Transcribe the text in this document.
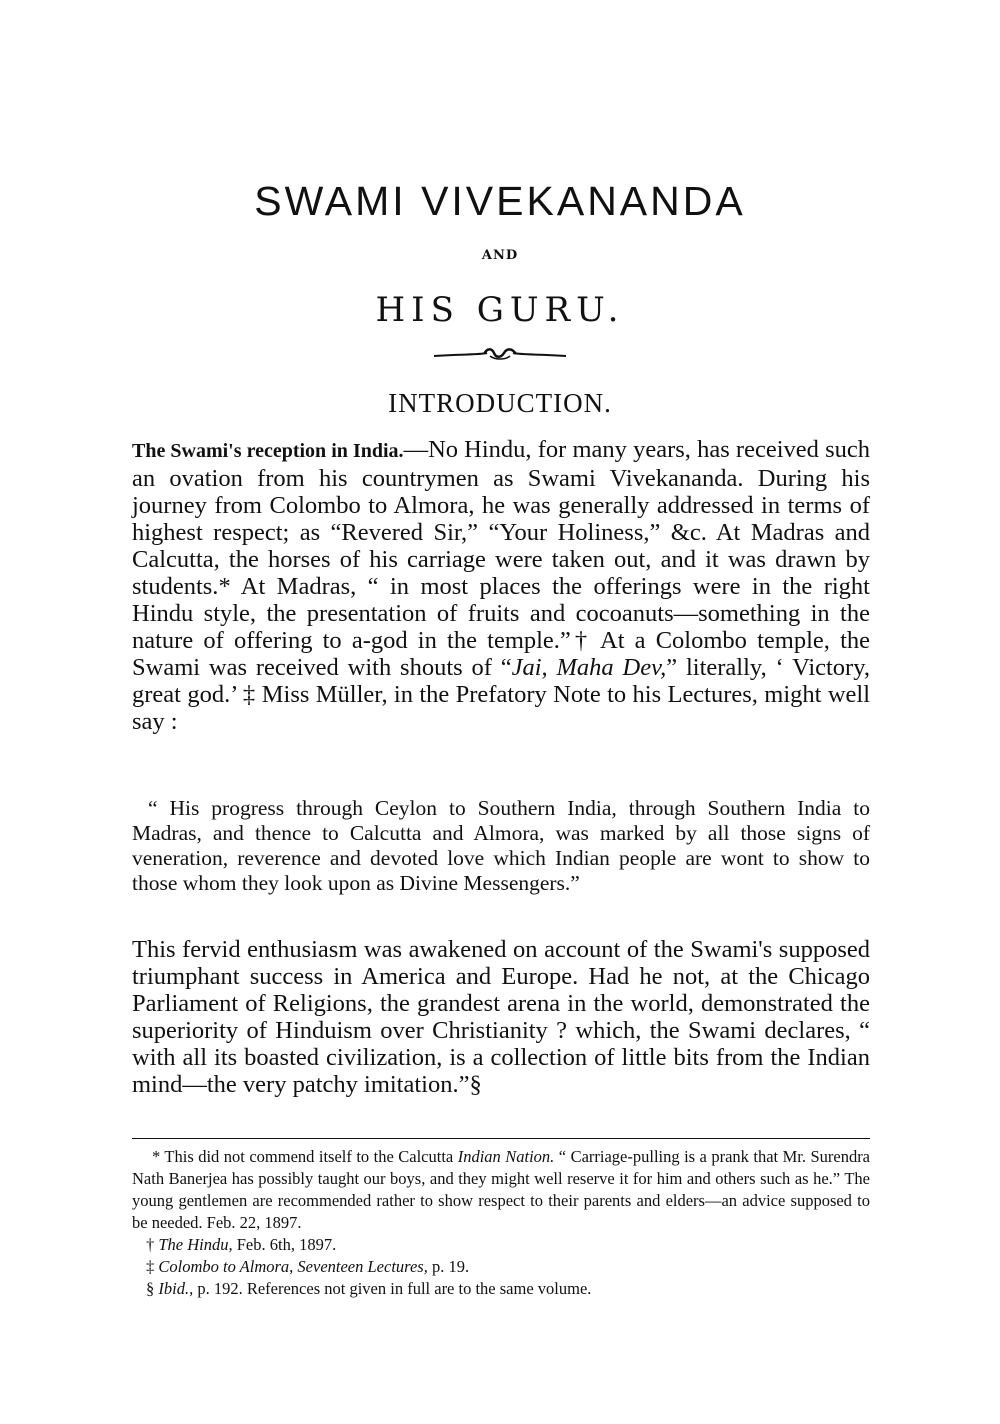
SWAMI VIVEKANANDA
AND
HIS GURU.
INTRODUCTION.

The Swami's reception in India.—No Hindu, for many years, has received such an ovation from his countrymen as Swami Vivekananda. During his journey from Colombo to Almora, he was generally addressed in terms of highest respect; as “Revered Sir,” “Your Holiness,” &c. At Madras and Calcutta, the horses of his carriage were taken out, and it was drawn by students.* At Madras, “ in most places the offerings were in the right Hindu style, the presentation of fruits and cocoanuts—something in the nature of offering to a-god in the temple.”† At a Colombo temple, the Swami was received with shouts of “Jai, Maha Dev,” literally, ‘ Victory, great god.’ ‡ Miss Müller, in the Prefatory Note to his Lectures, might well say :

“ His progress through Ceylon to Southern India, through Southern India to Madras, and thence to Calcutta and Almora, was marked by all those signs of veneration, reverence and devoted love which Indian people are wont to show to those whom they look upon as Divine Messengers.”

This fervid enthusiasm was awakened on account of the Swami's supposed triumphant success in America and Europe. Had he not, at the Chicago Parliament of Religions, the grandest arena in the world, demonstrated the superiority of Hinduism over Christianity ? which, the Swami declares, “ with all its boasted civilization, is a collection of little bits from the Indian mind—the very patchy imitation.”§

* This did not commend itself to the Calcutta Indian Nation. “ Carriage-pulling is a prank that Mr. Surendra Nath Banerjea has possibly taught our boys, and they might well reserve it for him and others such as he.” The young gentlemen are recommended rather to show respect to their parents and elders—an advice supposed to be needed. Feb. 22, 1897.

† The Hindu, Feb. 6th, 1897.

‡ Colombo to Almora, Seventeen Lectures, p. 19.

§ Ibid., p. 192. References not given in full are to the same volume.
